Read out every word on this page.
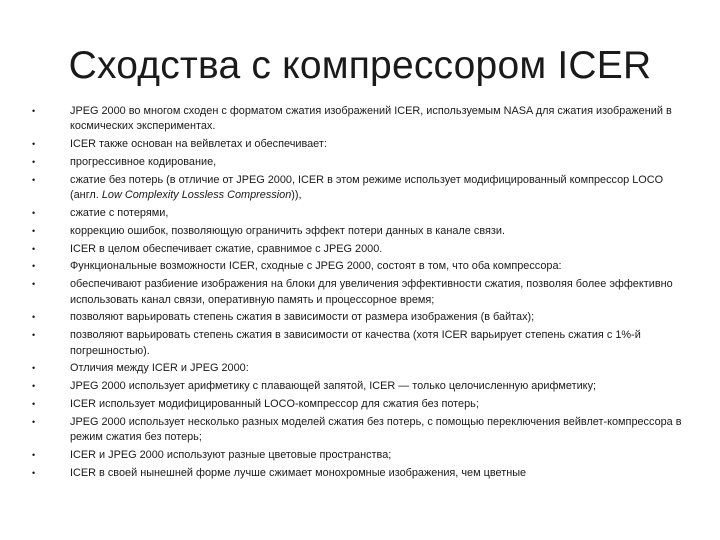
Сходства с компрессором ICER
•	JPEG 2000 во многом сходен с форматом сжатия изображений ICER, используемым NASA для сжатия изображений в космических экспериментах.
•	ICER также основан на вейвлетах и обеспечивает:
•	прогрессивное кодирование,
•	сжатие без потерь (в отличие от JPEG 2000, ICER в этом режиме использует модифицированный компрессор LOCO (англ. Low Complexity Lossless Compression)),
•	сжатие с потерями,
•	коррекцию ошибок, позволяющую ограничить эффект потери данных в канале связи.
•	ICER в целом обеспечивает сжатие, сравнимое с JPEG 2000.
•	Функциональные возможности ICER, сходные с JPEG 2000, состоят в том, что оба компрессора:
•	обеспечивают разбиение изображения на блоки для увеличения эффективности сжатия, позволяя более эффективно использовать канал связи, оперативную память и процессорное время;
•	позволяют варьировать степень сжатия в зависимости от размера изображения (в байтах);
•	позволяют варьировать степень сжатия в зависимости от качества (хотя ICER варьирует степень сжатия с 1%-й погрешностью).
•	Отличия между ICER и JPEG 2000:
•	JPEG 2000 использует арифметику с плавающей запятой, ICER — только целочисленную арифметику;
•	ICER использует модифицированный LOCO-компрессор для сжатия без потерь;
•	JPEG 2000 использует несколько разных моделей сжатия без потерь, с помощью переключения вейвлет-компрессора в режим сжатия без потерь;
•	ICER и JPEG 2000 используют разные цветовые пространства;
•	ICER в своей нынешней форме лучше сжимает монохромные изображения, чем цветные
